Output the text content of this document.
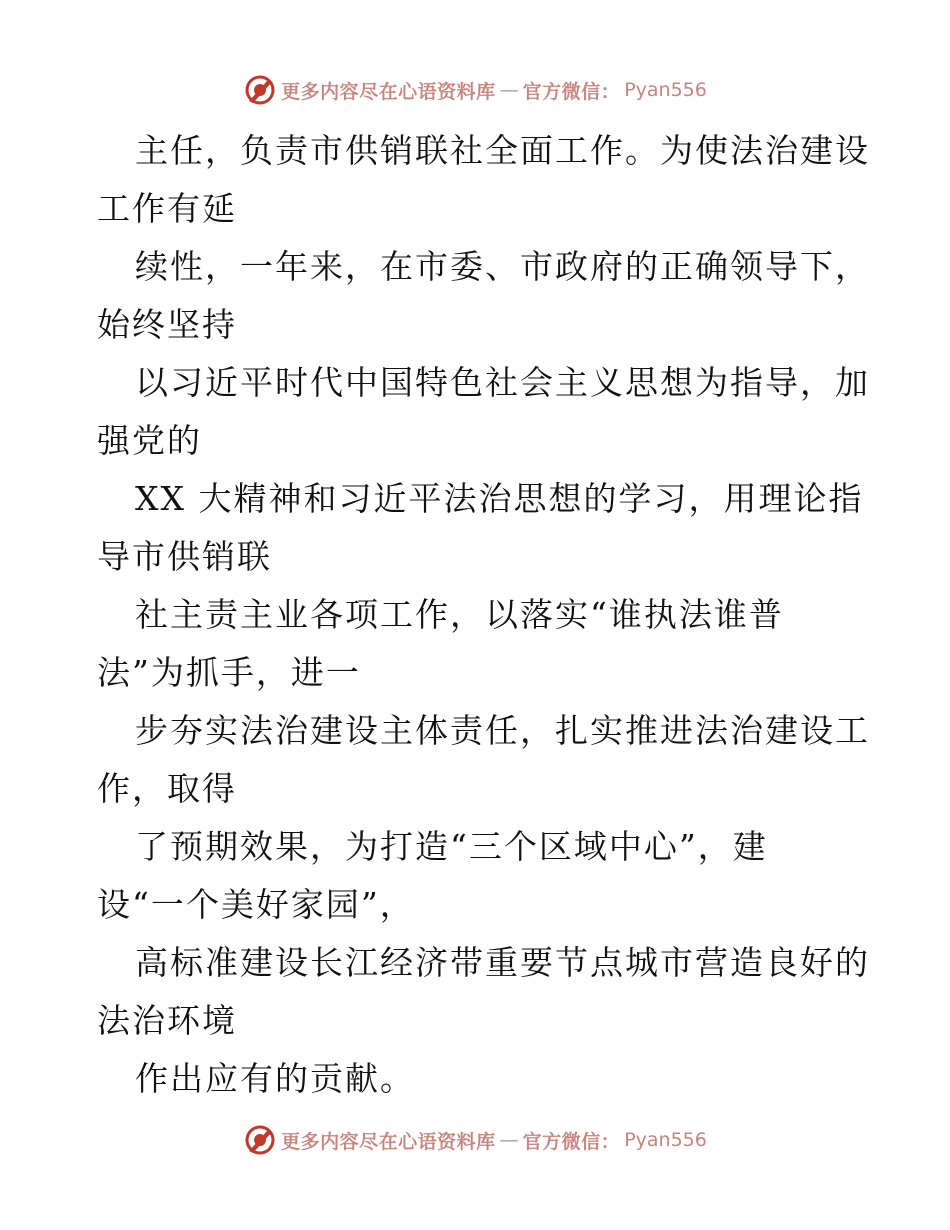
更多内容尽在心语资料库 — 官方微信： Pyan556
主任，负责市供销联社全面工作。为使法治建设
工作有延
续性，一年来，在市委、市政府的正确领导下，
始终坚持
以习近平时代中国特色社会主义思想为指导，加
强党的
XX 大精神和习近平法治思想的学习，用理论指
导市供销联
社主责主业各项工作，以落实“谁执法谁普
法”为抓手，进一
步夯实法治建设主体责任，扎实推进法治建设工
作，取得
了预期效果，为打造“三个区域中心”，建
设“一个美好家园”，
高标准建设长江经济带重要节点城市营造良好的
法治环境
作出应有的贡献。
更多内容尽在心语资料库 — 官方微信： Pyan556
